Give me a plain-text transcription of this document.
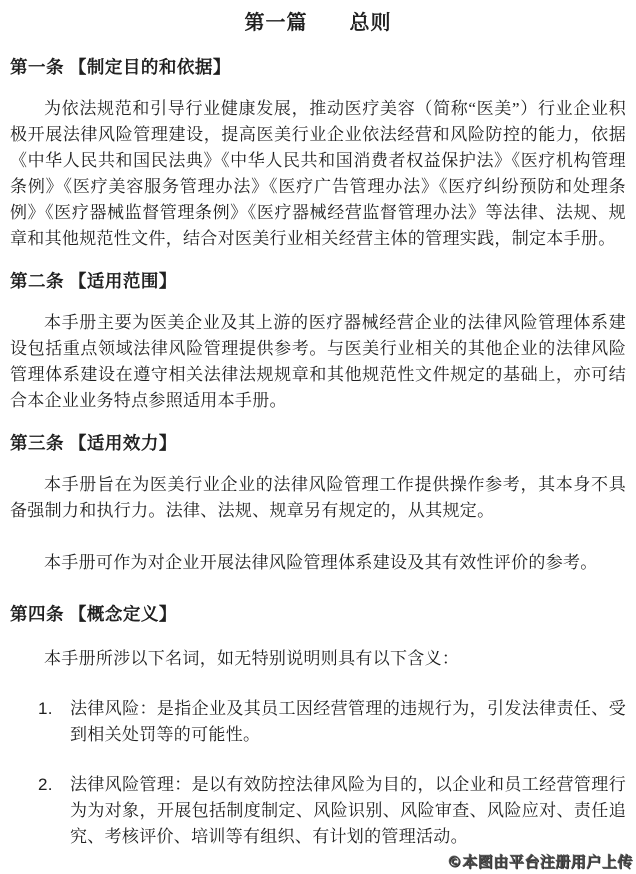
第一篇　　总则
第一条 【制定目的和依据】

为依法规范和引导行业健康发展，推动医疗美容（简称“医美”）行业企业积极开展法律风险管理建设，提高医美行业企业依法经营和风险防控的能力，依据《中华人民共和国民法典》《中华人民共和国消费者权益保护法》《医疗机构管理条例》《医疗美容服务管理办法》《医疗广告管理办法》《医疗纠纷预防和处理条例》《医疗器械监督管理条例》《医疗器械经营监督管理办法》等法律、法规、规章和其他规范性文件，结合对医美行业相关经营主体的管理实践，制定本手册。

第二条 【适用范围】

本手册主要为医美企业及其上游的医疗器械经营企业的法律风险管理体系建设包括重点领域法律风险管理提供参考。与医美行业相关的其他企业的法律风险管理体系建设在遵守相关法律法规规章和其他规范性文件规定的基础上，亦可结合本企业业务特点参照适用本手册。

第三条 【适用效力】

本手册旨在为医美行业企业的法律风险管理工作提供操作参考，其本身不具备强制力和执行力。法律、法规、规章另有规定的，从其规定。

本手册可作为对企业开展法律风险管理体系建设及其有效性评价的参考。

第四条 【概念定义】

本手册所涉以下名词，如无特别说明则具有以下含义：

1.	法律风险：是指企业及其员工因经营管理的违规行为，引发法律责任、受到相关处罚等的可能性。
2.	法律风险管理：是以有效防控法律风险为目的，以企业和员工经营管理行为为对象，开展包括制度制定、风险识别、风险审查、风险应对、责任追究、考核评价、培训等有组织、有计划的管理活动。
©本图由平台注册用户上传
